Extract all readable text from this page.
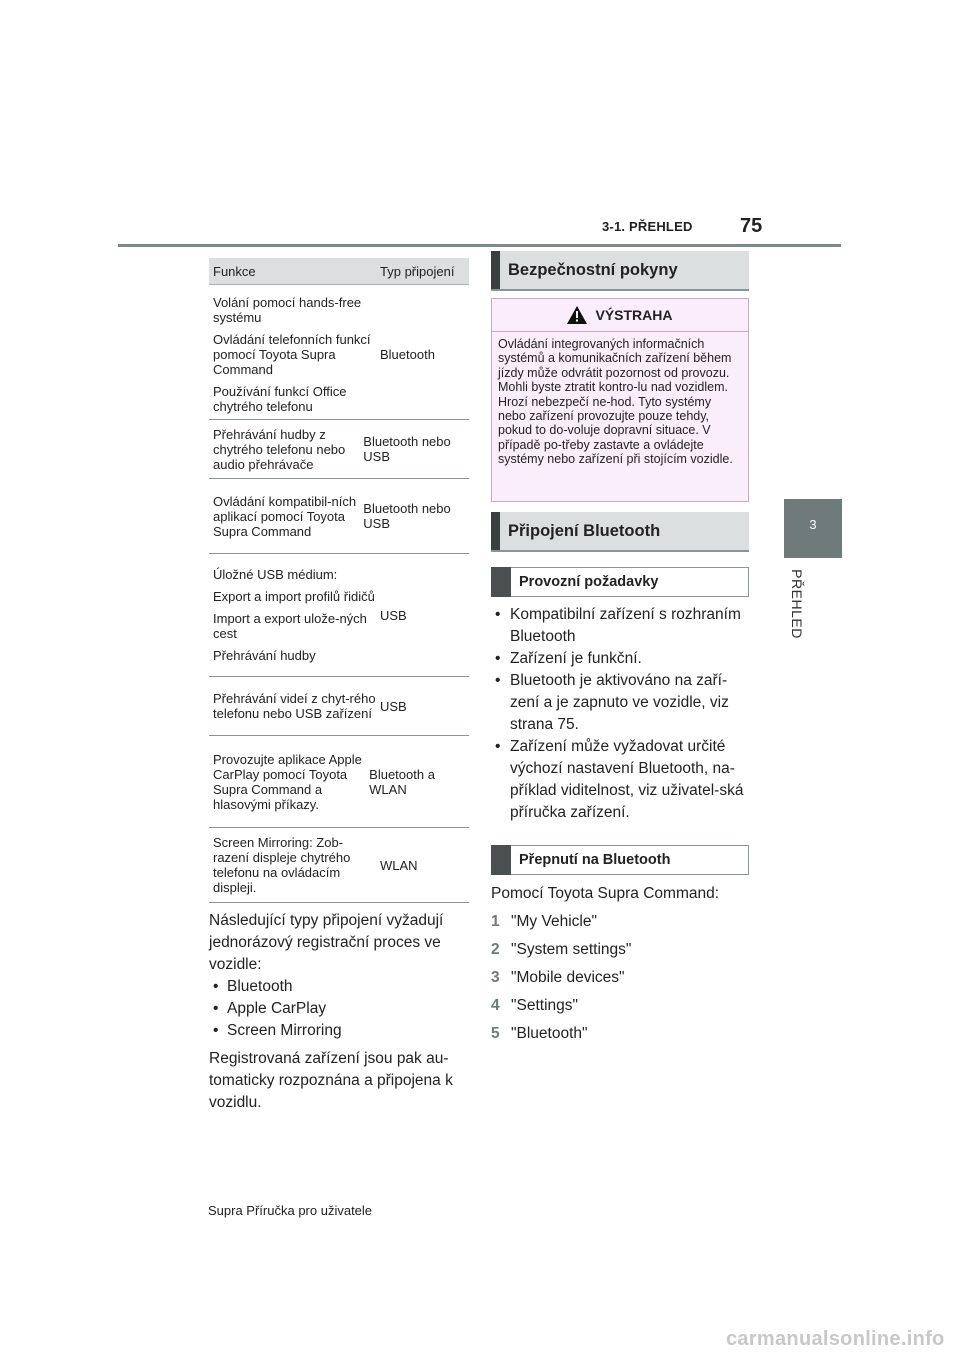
3-1. PŘEHLED 75
3
PŘEHLED
Funkce	Typ připojení
Volání pomocí hands-free systému
Ovládání telefonních funkcí pomocí Toyota Supra Command
Používání funkcí Office chytrého telefonu
Bluetooth
Přehrávání hudby z chytrého telefonu nebo audio přehrávače
Bluetooth nebo USB
Ovládání kompatibil-ních aplikací pomocí Toyota Supra Command
Bluetooth nebo USB
Úložné USB médium:
Export a import profilů řidičů
Import a export ulože-ných cest
Přehrávání hudby
USB
Přehrávání videí z chyt-rého telefonu nebo USB zařízení USB
Provozujte aplikace Apple CarPlay pomocí Toyota Supra Command a hlasovými příkazy.
Bluetooth a WLAN
Screen Mirroring: Zob-razení displeje chytrého telefonu na ovládacím displeji.
WLAN

Následující typy připojení vyžadují jednorázový registrační proces ve vozidle:

• Bluetooth
• Apple CarPlay
• Screen Mirroring

Registrovaná zařízení jsou pak au-tomaticky rozpoznána a připojena k vozidlu.

Bezpečnostní pokyny
VÝSTRAHA
Ovládání integrovaných informačních systémů a komunikačních zařízení během jízdy může odvrátit pozornost od provozu. Mohli byste ztratit kontro-lu nad vozidlem. Hrozí nebezpečí ne-hod. Tyto systémy nebo zařízení provozujte pouze tehdy, pokud to do-voluje dopravní situace. V případě po-třeby zastavte a ovládejte systémy nebo zařízení při stojícím vozidle.
Připojení Bluetooth
Provozní požadavky
• Kompatibilní zařízení s rozhraním Bluetooth
• Zařízení je funkční.
• Bluetooth je aktivováno na zaří-zení a je zapnuto ve vozidle, viz strana 75.
• Zařízení může vyžadovat určité výchozí nastavení Bluetooth, na-příklad viditelnost, viz uživatel-ská příručka zařízení.
Přepnutí na Bluetooth

Pomocí Toyota Supra Command:

1 "My Vehicle"
2 "System settings"
3 "Mobile devices"
4 "Settings"
5 "Bluetooth"
Supra Příručka pro uživatele
carmanualsonline.info
